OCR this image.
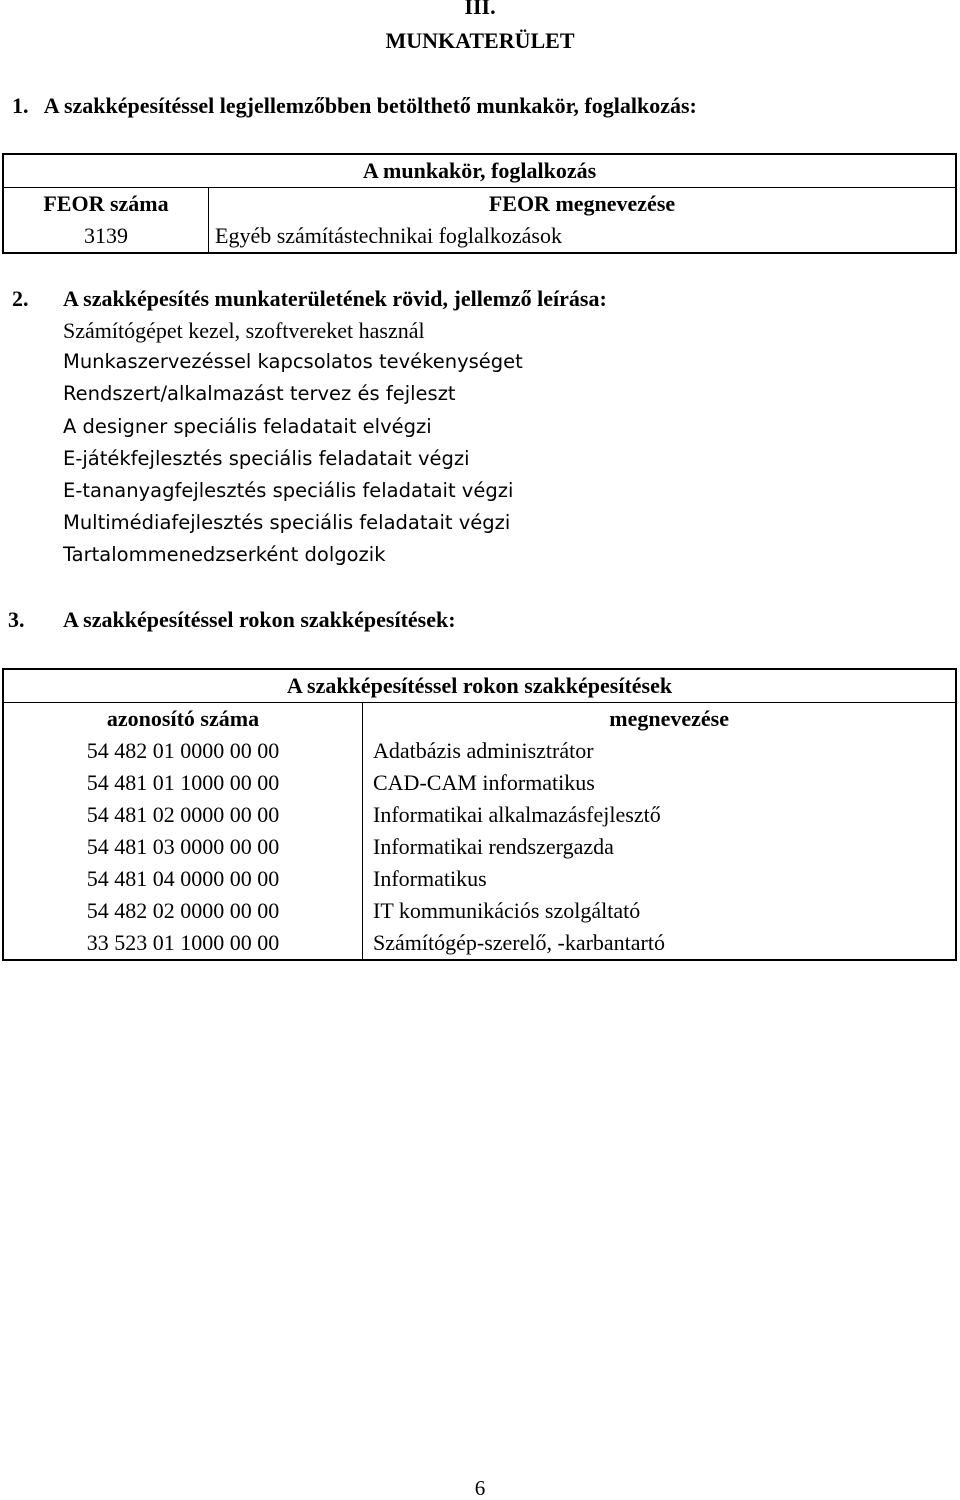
III.
MUNKATERÜLET
1.   A szakképesítéssel legjellemzőbben betölthető munkakör, foglalkozás:
A munkakör, foglalkozás	
FEOR száma	FEOR megnevezése
3139	Egyéb számítástechnikai foglalkozások
2. A szakképesítés munkaterületének rövid, jellemző leírása:
Számítógépet kezel, szoftvereket használ
Munkaszervezéssel kapcsolatos tevékenységet
Rendszert/alkalmazást tervez és fejleszt
A designer speciális feladatait elvégzi
E-játékfejlesztés speciális feladatait végzi
E-tananyagfejlesztés speciális feladatait végzi
Multimédiafejlesztés speciális feladatait végzi
Tartalommenedzserként dolgozik
3. A szakképesítéssel rokon szakképesítések:
A szakképesítéssel rokon szakképesítések	
azonosító száma	megnevezése
54 482 01 0000 00 00	Adatbázis adminisztrátor
54 481 01 1000 00 00	CAD-CAM informatikus
54 481 02 0000 00 00	Informatikai alkalmazásfejlesztő
54 481 03 0000 00 00	Informatikai rendszergazda
54 481 04 0000 00 00	Informatikus
54 482 02 0000 00 00	IT kommunikációs szolgáltató
33 523 01 1000 00 00	Számítógép-szerelő, -karbantartó
6
